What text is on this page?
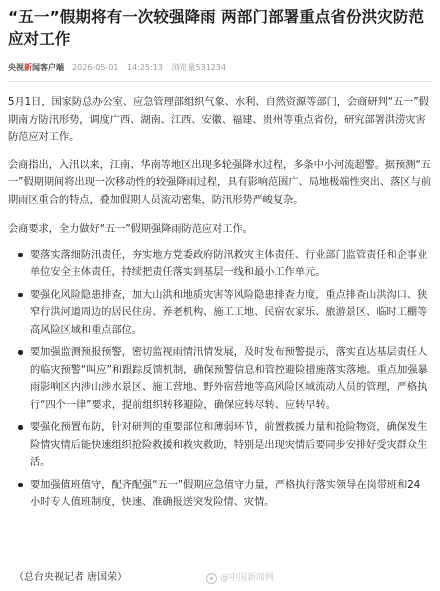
“五一”假期将有一次较强降雨 两部门部署重点省份洪灾防范应对工作
央视新闻客户端 2026-05-01
14:25:13
浏览量531234

5月1日，国家防总办公室、应急管理部组织气象、水利、自然资源等部门，会商研判“五一”假期南方防汛形势，调度广西、湖南、江西、安徽、福建、贵州等重点省份，研究部署洪涝灾害防范应对工作。

会商指出，入汛以来，江南、华南等地区出现多轮强降水过程，多条中小河流超警。据预测“五一”假期期间将出现一次移动性的较强降雨过程，具有影响范围广、局地极端性突出、落区与前期雨区重合的特点，叠加假期人员流动密集，防汛形势严峻复杂。

会商要求，全力做好“五一”假期强降雨防范应对工作。

要落实落细防汛责任，夯实地方党委政府防汛救灾主体责任、行业部门监管责任和企事业单位安全主体责任，持续把责任落实到基层一线和最小工作单元。
要强化风险隐患排查，加大山洪和地质灾害等风险隐患排查力度，重点排查山洪沟口、狭窄行洪河道周边的居民住房、养老机构、施工工地、民宿农家乐、旅游景区、临时工棚等高风险区域和重点部位。
要加强监测预报预警，密切监视雨情汛情发展，及时发布预警提示，落实直达基层责任人的临灾预警“叫应”和跟踪反馈机制，确保预警信息和管控避险措施落实落地。重点加强暴雨影响区内涉山涉水景区、施工营地、野外宿营地等高风险区域流动人员的管理，严格执行“四个一律”要求，提前组织转移避险，确保应转尽转、应转早转。
要强化预置布防，针对研判的重要部位和薄弱环节，前置救援力量和抢险物资，确保发生险情灾情后能快速组织抢险救援和救灾救助，特别是出现灾情后要同步安排好受灾群众生活。
要加强值班值守，配齐配强“五一”假期应急值守力量，严格执行落实领导在岗带班和24小时专人值班制度，快速、准确报送突发险情、灾情。
（总台央视记者 唐国荣）	@中国新闻网
